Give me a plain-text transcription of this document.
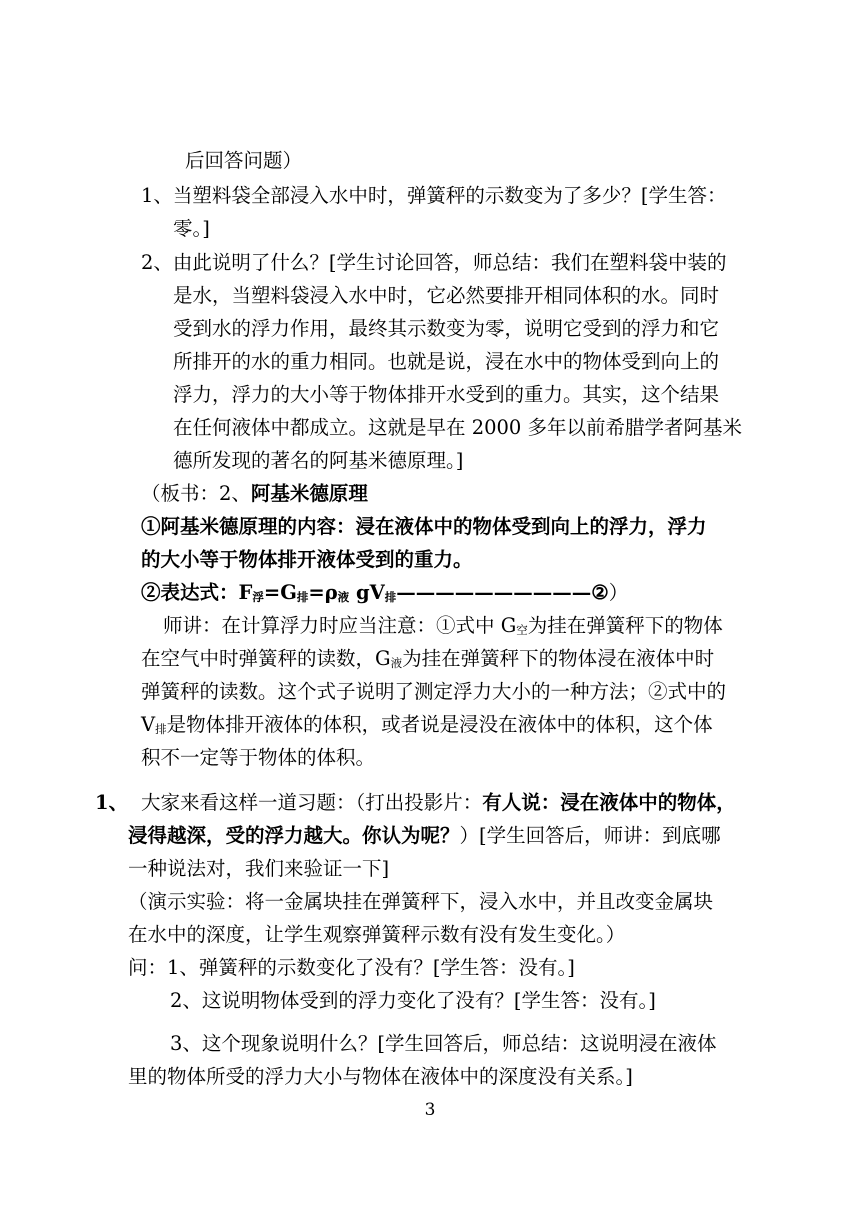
后回答问题）
1、当塑料袋全部浸入水中时，弹簧秤的示数变为了多少？[学生答：
零。]
2、由此说明了什么？[学生讨论回答，师总结：我们在塑料袋中装的
是水，当塑料袋浸入水中时，它必然要排开相同体积的水。同时
受到水的浮力作用，最终其示数变为零，说明它受到的浮力和它
所排开的水的重力相同。也就是说，浸在水中的物体受到向上的
浮力，浮力的大小等于物体排开水受到的重力。其实，这个结果
在任何液体中都成立。这就是早在 2000 多年以前希腊学者阿基米
德所发现的著名的阿基米德原理。]
（板书：2、阿基米德原理
①阿基米德原理的内容：浸在液体中的物体受到向上的浮力，浮力
的大小等于物体排开液体受到的重力。
②表达式：F浮=G排=ρ液 gV排——————————②）
师讲：在计算浮力时应当注意：①式中 G空为挂在弹簧秤下的物体
在空气中时弹簧秤的读数，G液为挂在弹簧秤下的物体浸在液体中时
弹簧秤的读数。这个式子说明了测定浮力大小的一种方法；②式中的
V排是物体排开液体的体积，或者说是浸没在液体中的体积，这个体
积不一定等于物体的体积。
1、 大家来看这样一道习题：（打出投影片：有人说：浸在液体中的物体，
浸得越深，受的浮力越大。你认为呢？）[学生回答后，师讲：到底哪
一种说法对，我们来验证一下]
（演示实验：将一金属块挂在弹簧秤下，浸入水中，并且改变金属块
在水中的深度，让学生观察弹簧秤示数有没有发生变化。）
问：1、弹簧秤的示数变化了没有？[学生答：没有。]
2、这说明物体受到的浮力变化了没有？[学生答：没有。]
3、这个现象说明什么？[学生回答后，师总结：这说明浸在液体
里的物体所受的浮力大小与物体在液体中的深度没有关系。]
3
